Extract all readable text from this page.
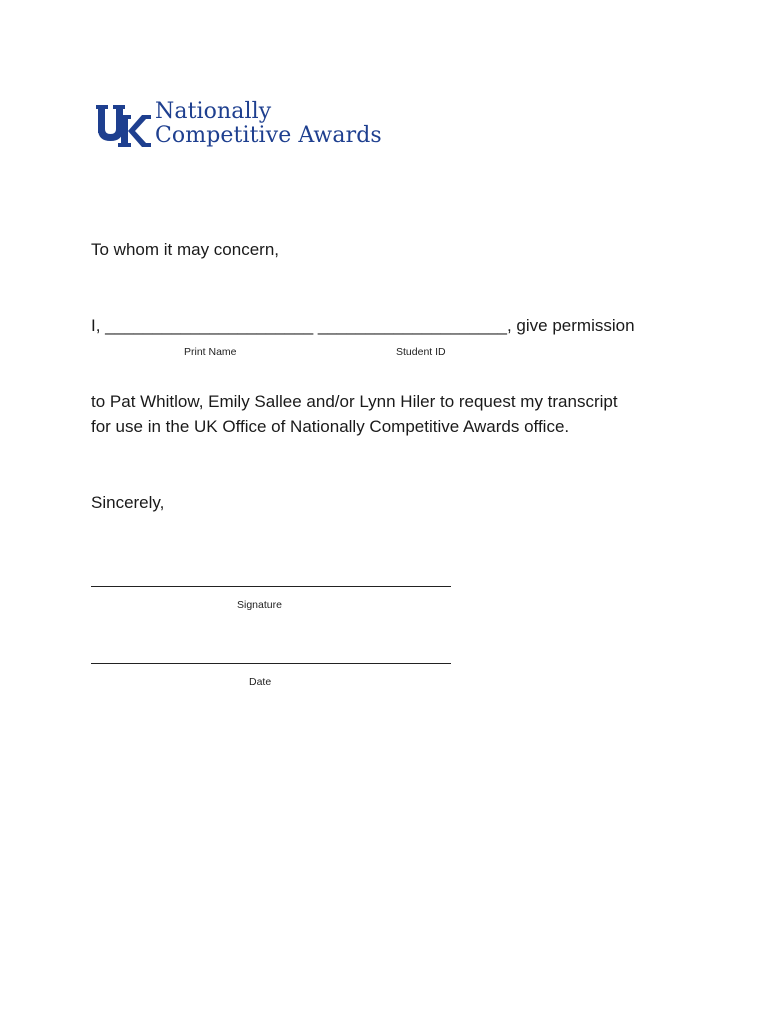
Nationally
Competitive Awards
To whom it may concern,
I, ______________________ ____________________, give permission
Print Name	Student ID
to Pat Whitlow, Emily Sallee and/or Lynn Hiler to request my transcript
for use in the UK Office of Nationally Competitive Awards office.
Sincerely,
Signature
Date
